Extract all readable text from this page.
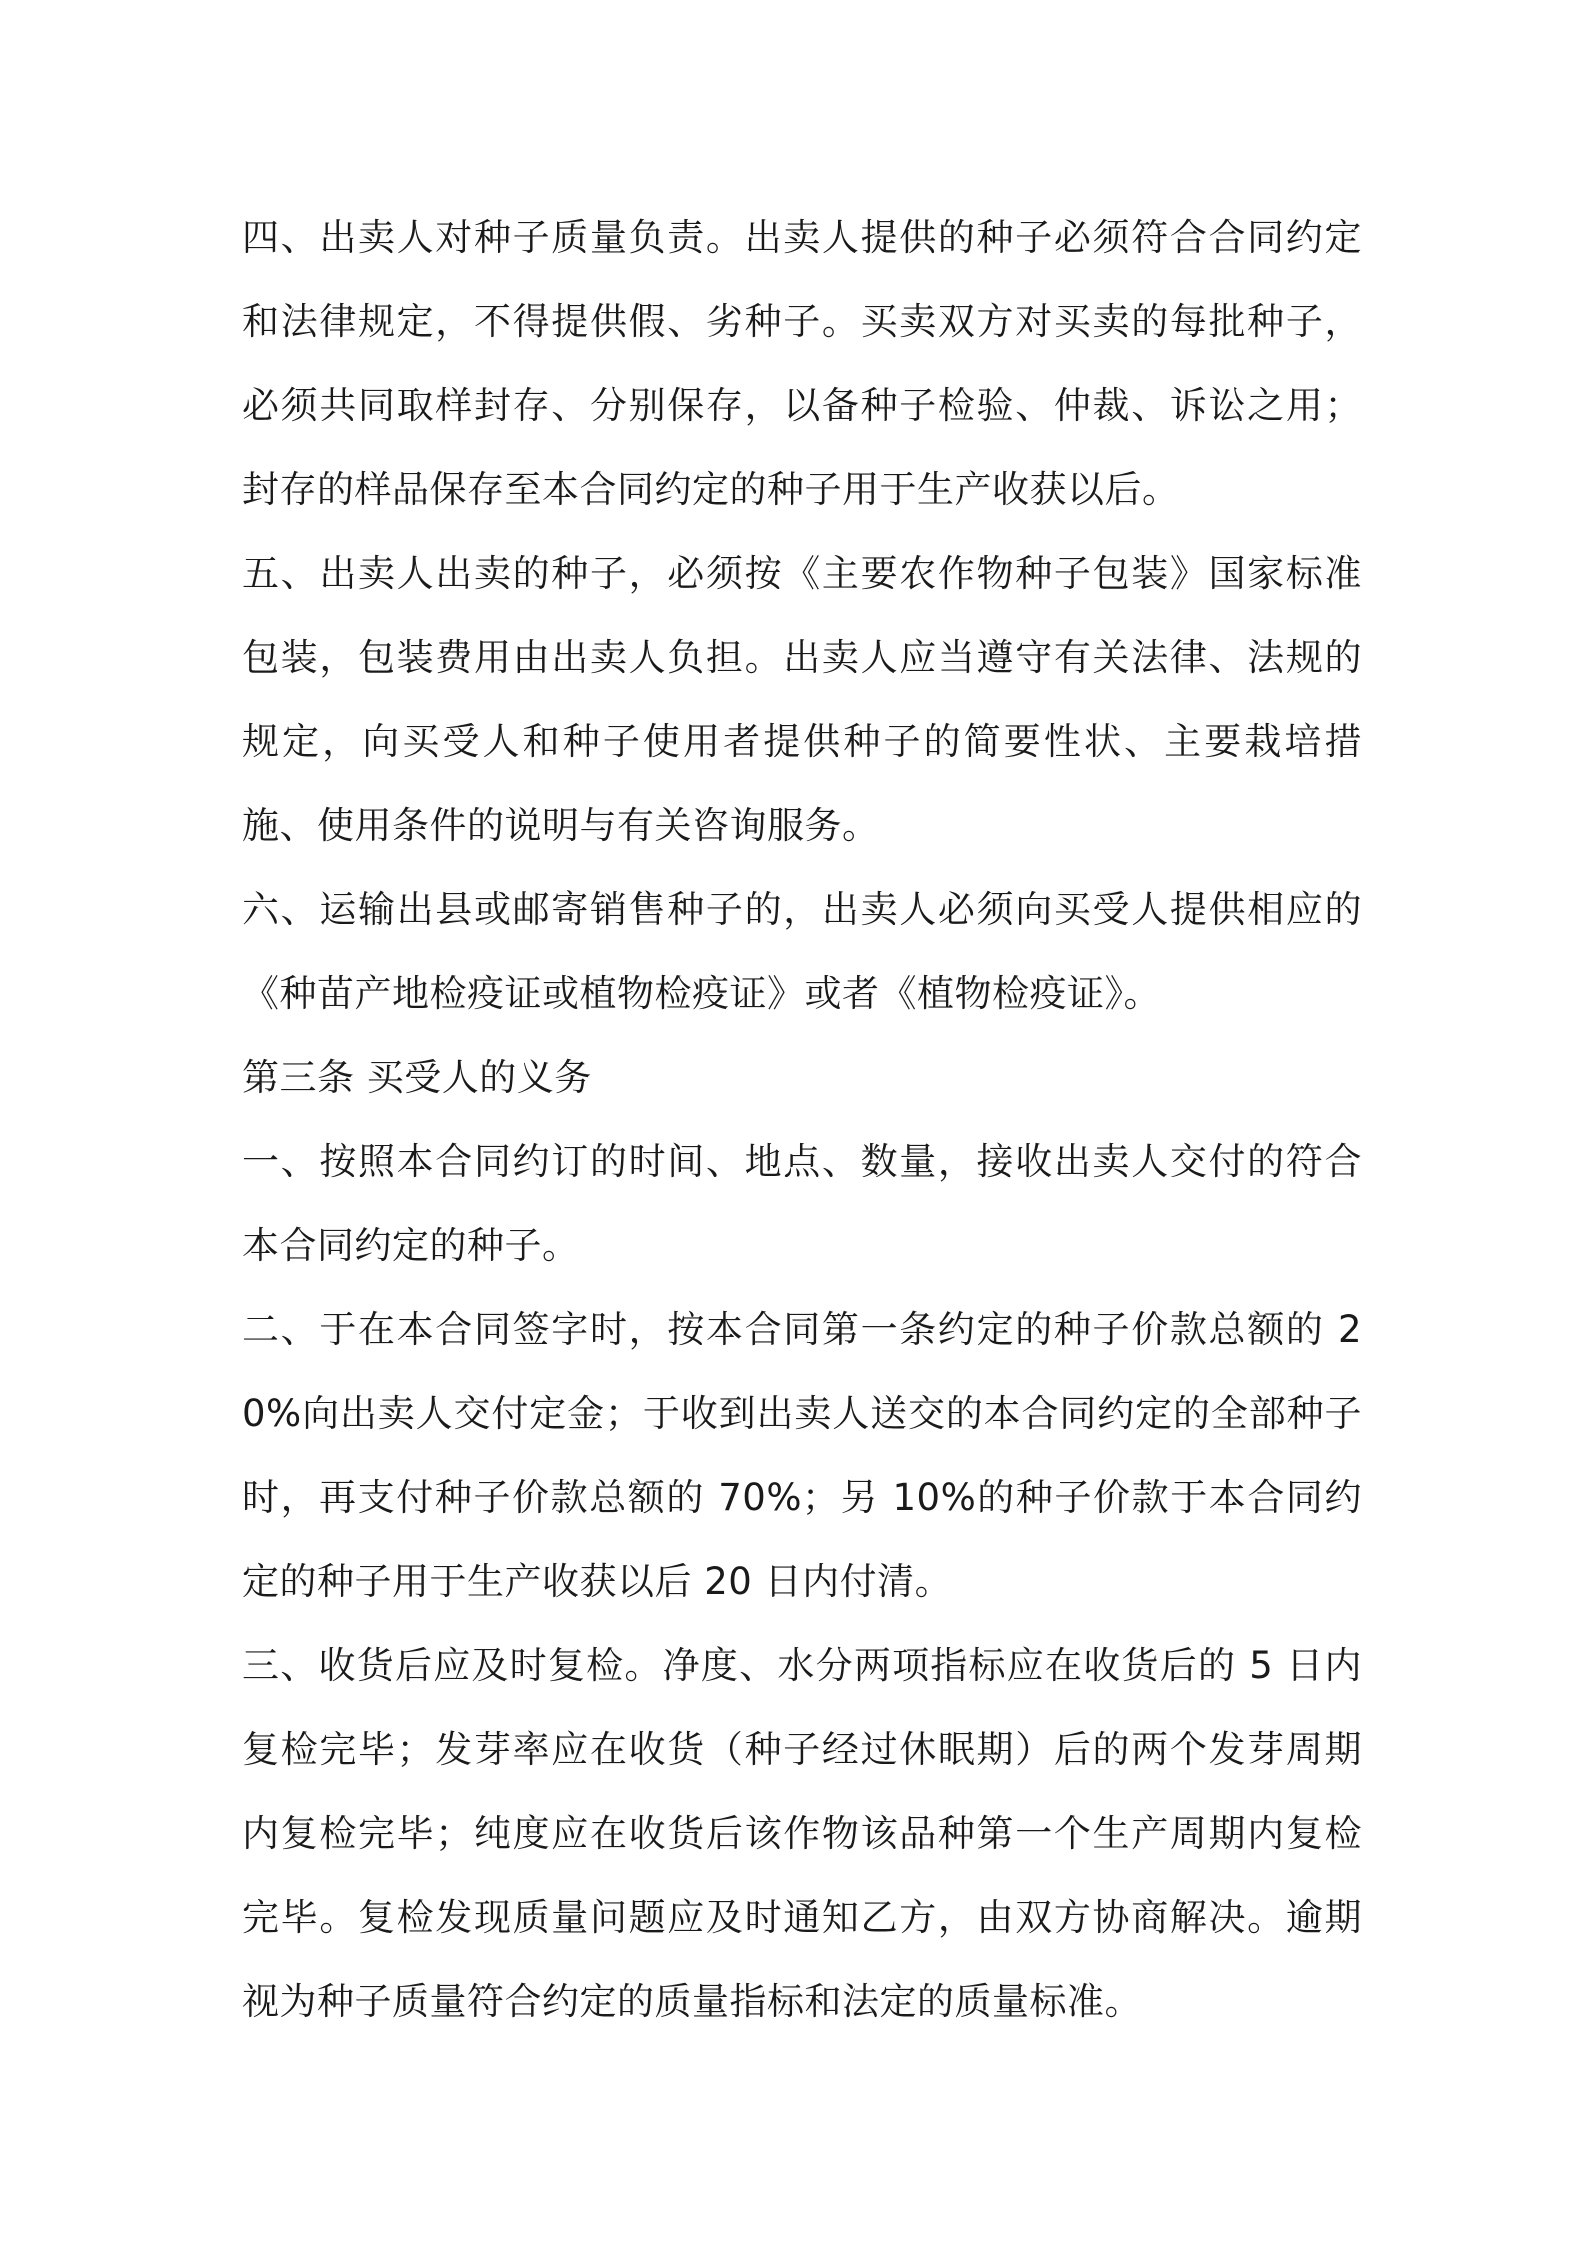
四、出卖人对种子质量负责。出卖人提供的种子必须符合合同约定和法律规定，不得提供假、劣种子。买卖双方对买卖的每批种子，必须共同取样封存、分别保存，以备种子检验、仲裁、诉讼之用；封存的样品保存至本合同约定的种子用于生产收获以后。

五、出卖人出卖的种子，必须按《主要农作物种子包装》国家标准包装，包装费用由出卖人负担。出卖人应当遵守有关法律、法规的规定，向买受人和种子使用者提供种子的简要性状、主要栽培措施、使用条件的说明与有关咨询服务。

六、运输出县或邮寄销售种子的，出卖人必须向买受人提供相应的《种苗产地检疫证或植物检疫证》或者《植物检疫证》。

第三条 买受人的义务

一、按照本合同约订的时间、地点、数量，接收出卖人交付的符合本合同约定的种子。

二、于在本合同签字时，按本合同第一条约定的种子价款总额的 20%向出卖人交付定金；于收到出卖人送交的本合同约定的全部种子时，再支付种子价款总额的 70%；另 10%的种子价款于本合同约定的种子用于生产收获以后 20 日内付清。

三、收货后应及时复检。净度、水分两项指标应在收货后的 5 日内复检完毕；发芽率应在收货（种子经过休眠期）后的两个发芽周期内复检完毕；纯度应在收货后该作物该品种第一个生产周期内复检完毕。复检发现质量问题应及时通知乙方，由双方协商解决。逾期视为种子质量符合约定的质量指标和法定的质量标准。
